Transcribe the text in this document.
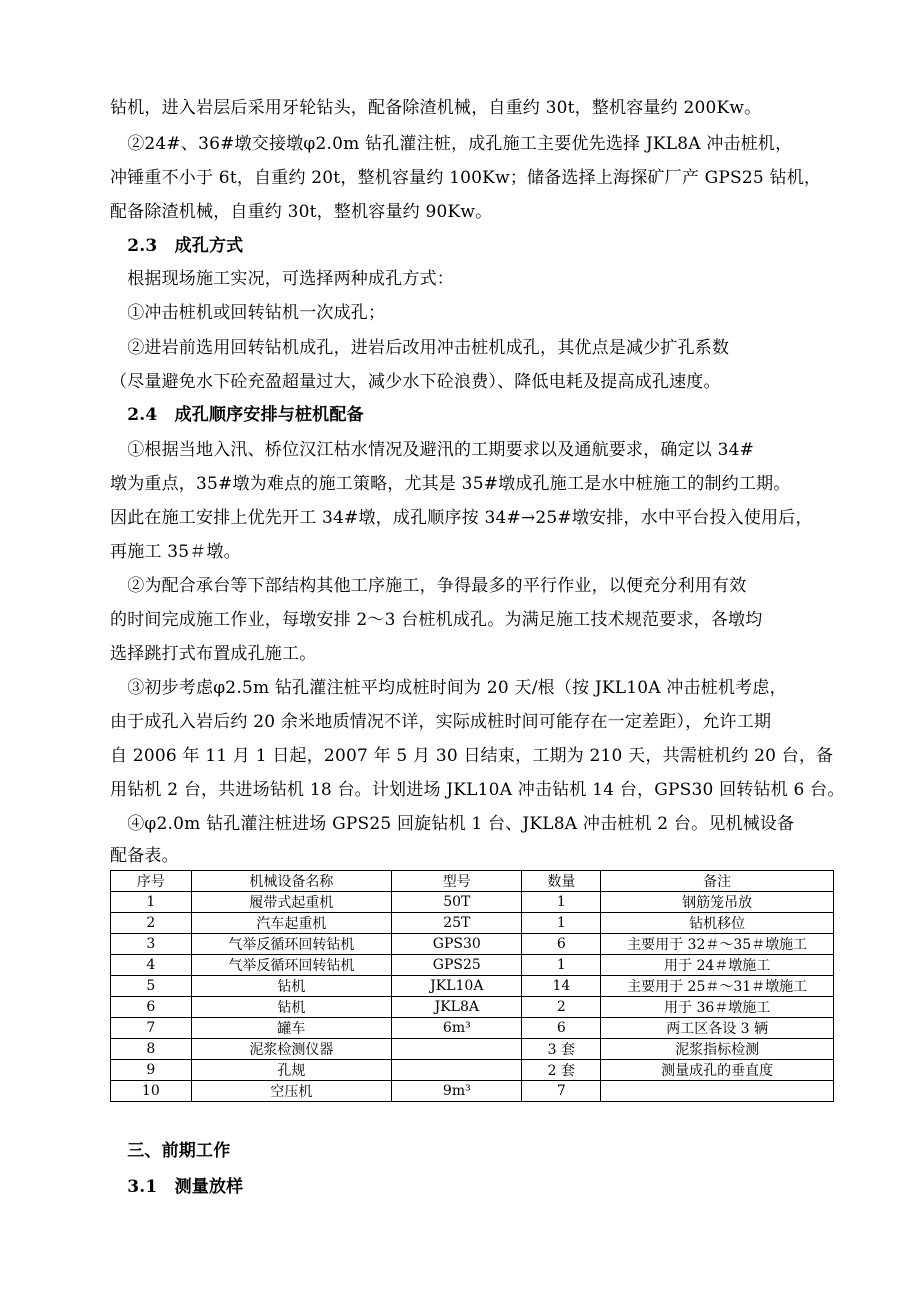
钻机，进入岩层后采用牙轮钻头，配备除渣机械，自重约 30t，整机容量约 200Kw。
　②24#、36#墩交接墩φ2.0m 钻孔灌注桩，成孔施工主要优先选择 JKL8A 冲击桩机，
冲锤重不小于 6t，自重约 20t，整机容量约 100Kw；储备选择上海探矿厂产 GPS25 钻机，
配备除渣机械，自重约 30t，整机容量约 90Kw。
　2.3　成孔方式
　根据现场施工实况，可选择两种成孔方式：
　①冲击桩机或回转钻机一次成孔；
　②进岩前选用回转钻机成孔，进岩后改用冲击桩机成孔，其优点是减少扩孔系数
（尽量避免水下砼充盈超量过大，减少水下砼浪费）、降低电耗及提高成孔速度。
　2.4　成孔顺序安排与桩机配备
　①根据当地入汛、桥位汉江枯水情况及避汛的工期要求以及通航要求，确定以 34#
墩为重点，35#墩为难点的施工策略，尤其是 35#墩成孔施工是水中桩施工的制约工期。
因此在施工安排上优先开工 34#墩，成孔顺序按 34#→25#墩安排，水中平台投入使用后，
再施工 35＃墩。
　②为配合承台等下部结构其他工序施工，争得最多的平行作业，以便充分利用有效
的时间完成施工作业，每墩安排 2～3 台桩机成孔。为满足施工技术规范要求，各墩均
选择跳打式布置成孔施工。
　③初步考虑φ2.5m 钻孔灌注桩平均成桩时间为 20 天/根（按 JKL10A 冲击桩机考虑，
由于成孔入岩后约 20 余米地质情况不详，实际成桩时间可能存在一定差距），允许工期
自 2006 年 11 月 1 日起，2007 年 5 月 30 日结束，工期为 210 天，共需桩机约 20 台，备
用钻机 2 台，共进场钻机 18 台。计划进场 JKL10A 冲击钻机 14 台，GPS30 回转钻机 6 台。
　④φ2.0m 钻孔灌注桩进场 GPS25 回旋钻机 1 台、JKL8A 冲击桩机 2 台。见机械设备
配备表。
序号	机械设备名称	型号	数量	备注
1	履带式起重机	50T	1	钢筋笼吊放
2	汽车起重机	25T	1	钻机移位
3	气举反循环回转钻机	GPS30	6	主要用于 32＃～35＃墩施工
4	气举反循环回转钻机	GPS25	1	用于 24＃墩施工
5	钻机	JKL10A	14	主要用于 25＃～31＃墩施工
6	钻机	JKL8A	2	用于 36＃墩施工
7	罐车	6m³	6	两工区各设 3 辆
8	泥浆检测仪器		3 套	泥浆指标检测
9	孔规		2 套	测量成孔的垂直度
10	空压机	9m³	7	
　三、前期工作
　3.1　测量放样
